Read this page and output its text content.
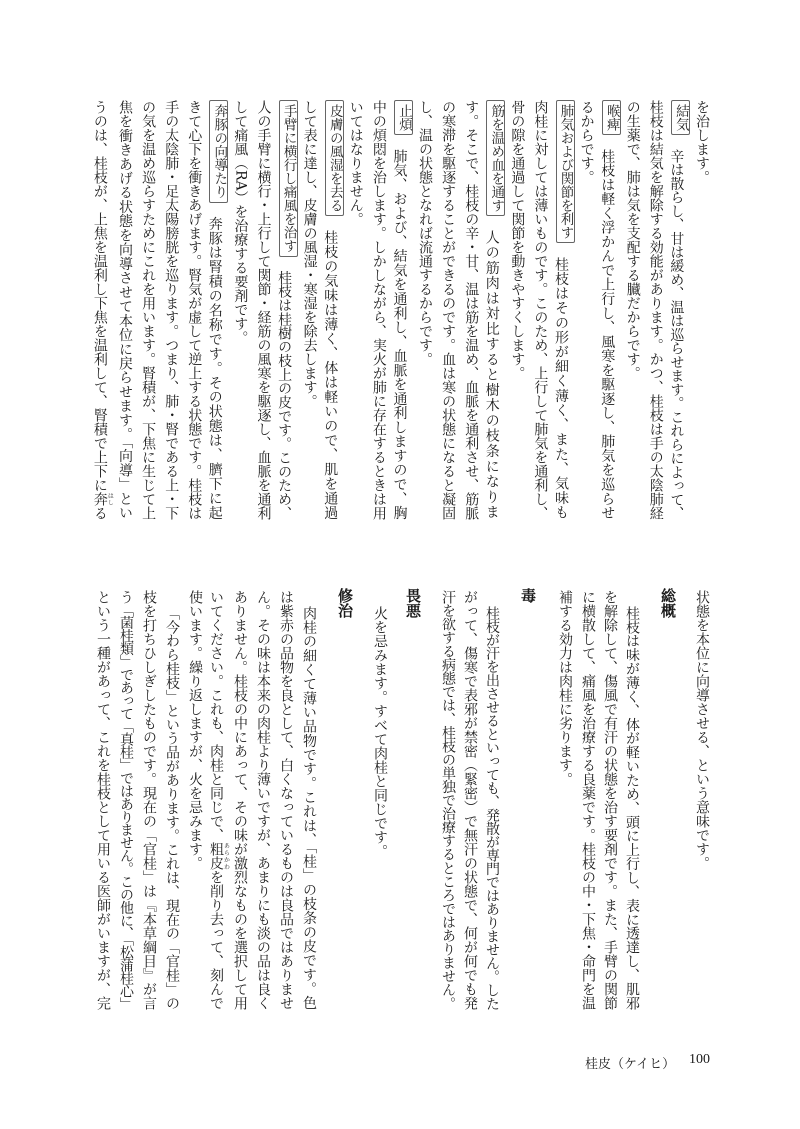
を治します。
結気辛は散らし、甘は緩め、温は巡らせます。これらによって、
桂枝は結気を解除する効能があります。かつ、桂枝は手の太陰肺経
の生薬で、肺は気を支配する臓だからです。
喉痺桂枝は軽く浮かんで上行し、風寒を駆逐し、肺気を巡らせ
るからです。
肺気および関節を利す桂枝はその形が細く薄く、また、気味も
肉桂に対しては薄いものです。このため、上行して肺気を通利し、
骨の隙を通過して関節を動きやすくします。
筋を温め血を通す人の筋肉は対比すると樹木の枝条になりま
す。そこで、桂枝の辛・甘、温は筋を温め、血脈を通利させ、筋脈
の寒滞を駆逐することができるのです。血は寒の状態になると凝固
し、温の状態となれば流通するからです。
止煩肺気、および、結気を通利し、血脈を通利しますので、胸
中の煩悶を治します。しかしながら、実火が肺に存在するときは用
いてはなりません。
皮膚の風湿を去る桂枝の気味は薄く、体は軽いので、肌を通過
して表に達し、皮膚の風湿・寒湿を除去します。
手臂に横行し痛風を治す桂枝は桂樹の枝上の皮です。このため、
人の手臂に横行・上行して関節・経筋の風寒を駆逐し、血脈を通利
して痛風（RA）を治療する要剤です。
奔豚の向導たり奔豚は腎積の名称です。その状態は、臍下に起
きて心下を衝きあげます。腎気が虚して逆上する状態です。桂枝は
手の太陰肺・足太陽膀胱を巡ります。つまり、肺・腎である上・下
の気を温め巡らすためにこれを用います。腎積が、下焦に生じて上
焦を衝きあげる状態を向導させて本位に戻らせます。「向導」とい
うのは、桂枝が、上焦を温利し下焦を温利して、腎積で上下に奔はしる
状態を本位に向導させる、という意味です。
総概
桂枝は味が薄く、体が軽いため、頭に上行し、表に透達し、肌邪
を解除して、傷風で有汗の状態を治す要剤です。また、手臂の関節
に横散して、痛風を治療する良薬です。桂枝の中・下焦・命門を温
補する効力は肉桂に劣ります。
毒
桂枝が汗を出させるといっても、発散が専門ではありません。した
がって、傷寒で表邪が禁密（緊密）で無汗の状態で、何が何でも発
汗を欲する病態では、桂枝の単独で治療するところではありません。
畏悪
火を忌みます。すべて肉桂と同じです。
修治
肉桂の細くて薄い品物です。これは、「桂」の枝条の皮です。色
は紫赤の品物を良として、白くなっているものは良品ではありませ
ん。その味は本来の肉桂より薄いですが、あまりにも淡の品は良く
ありません。桂枝の中にあって、その味が激烈なものを選択して用
いてください。これも、肉桂と同じで、粗皮あらかわを削り去って、刻んで
使います。繰り返しますが、火を忌みます。
「今わら桂枝」という品があります。これは、現在の「官桂」の
枝を打ちひしぎしたものです。現在の「官桂」は『本草綱目』が言
う「菌桂類」であって「真桂」ではありません。この他に、「松蒲桂心」
という一種があって、これを桂枝として用いる医師がいますが、完
桂皮（ケイヒ） 100
